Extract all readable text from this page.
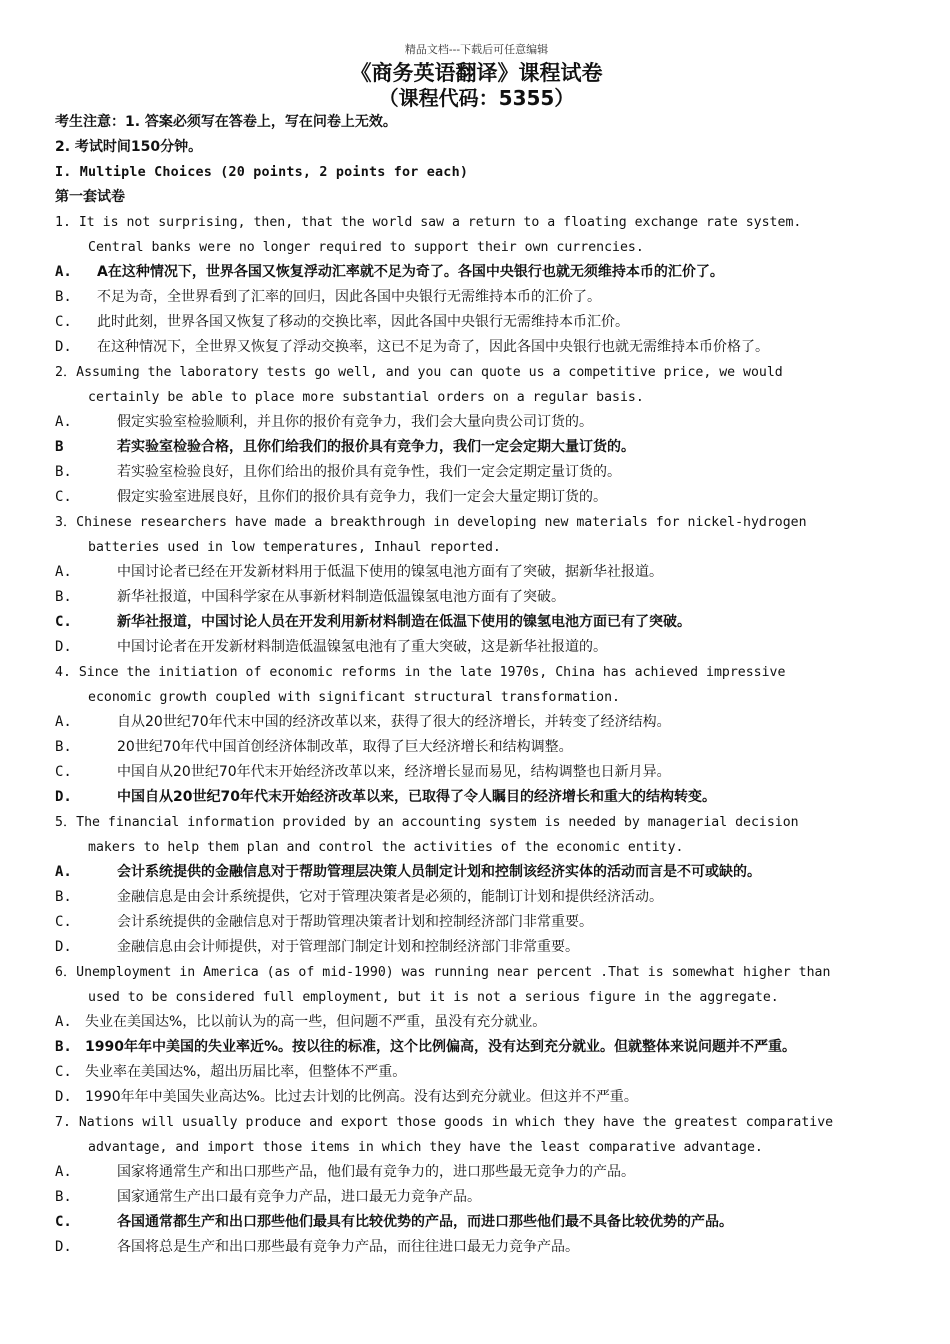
精品文档---下载后可任意编辑
《商务英语翻译》课程试卷
（课程代码：5355）
考生注意：1. 答案必须写在答卷上，写在问卷上无效。
2. 考试时间150分钟。
I. Multiple Choices (20 points, 2 points for each)
第一套试卷
1. It is not surprising, then, that the world saw a return to a floating exchange rate system.
Central banks were no longer required to support their own currencies.
A.	A在这种情况下，世界各国又恢复浮动汇率就不足为奇了。各国中央银行也就无须维持本币的汇价了。
B.	不足为奇，全世界看到了汇率的回归，因此各国中央银行无需维持本币的汇价了。
C.	此时此刻，世界各国又恢复了移动的交换比率，因此各国中央银行无需维持本币汇价。
D.	在这种情况下，全世界又恢复了浮动交换率，这已不足为奇了，因此各国中央银行也就无需维持本币价格了。
2．Assuming the laboratory tests go well, and you can quote us a competitive price, we would
certainly be able to place more substantial orders on a regular basis.
A.	假定实验室检验顺利，并且你的报价有竞争力，我们会大量向贵公司订货的。
B	若实验室检验合格，且你们给我们的报价具有竞争力，我们一定会定期大量订货的。
B.	若实验室检验良好，且你们给出的报价具有竞争性，我们一定会定期定量订货的。
C.	假定实验室进展良好，且你们的报价具有竞争力，我们一定会大量定期订货的。
3．Chinese researchers have made a breakthrough in developing new materials for nickel-hydrogen
batteries used in low temperatures, Inhaul reported.
A.	中国讨论者已经在开发新材料用于低温下使用的镍氢电池方面有了突破，据新华社报道。
B.	新华社报道，中国科学家在从事新材料制造低温镍氢电池方面有了突破。
C.	新华社报道，中国讨论人员在开发利用新材料制造在低温下使用的镍氢电池方面已有了突破。
D.	中国讨论者在开发新材料制造低温镍氢电池有了重大突破，这是新华社报道的。
4. Since the initiation of economic reforms in the late 1970s, China has achieved impressive
economic growth coupled with significant structural transformation.
A.	自从20世纪70年代末中国的经济改革以来，获得了很大的经济增长，并转变了经济结构。
B.	20世纪70年代中国首创经济体制改革，取得了巨大经济增长和结构调整。
C.	中国自从20世纪70年代末开始经济改革以来，经济增长显而易见，结构调整也日新月异。
D.	中国自从20世纪70年代末开始经济改革以来，已取得了令人瞩目的经济增长和重大的结构转变。
5．The financial information provided by an accounting system is needed by managerial decision
makers to help them plan and control the activities of the economic entity.
A.	会计系统提供的金融信息对于帮助管理层决策人员制定计划和控制该经济实体的活动而言是不可或缺的。
B.	金融信息是由会计系统提供，它对于管理决策者是必须的，能制订计划和提供经济活动。
C.	会计系统提供的金融信息对于帮助管理决策者计划和控制经济部门非常重要。
D.	金融信息由会计师提供，对于管理部门制定计划和控制经济部门非常重要。
6．Unemployment in America (as of mid-1990) was running near percent .That is somewhat higher than
used to be considered full employment, but it is not a serious figure in the aggregate.
A. 失业在美国达%，比以前认为的高一些，但问题不严重，虽没有充分就业。
B. 1990年年中美国的失业率近%。按以往的标准，这个比例偏高，没有达到充分就业。但就整体来说问题并不严重。
C. 失业率在美国达%，超出历届比率，但整体不严重。
D. 1990年年中美国失业高达%。比过去计划的比例高。没有达到充分就业。但这并不严重。
7. Nations will usually produce and export those goods in which they have the greatest comparative
advantage, and import those items in which they have the least comparative advantage.
A.	国家将通常生产和出口那些产品，他们最有竞争力的，进口那些最无竞争力的产品。
B.	国家通常生产出口最有竞争力产品，进口最无力竞争产品。
C.	各国通常都生产和出口那些他们最具有比较优势的产品，而进口那些他们最不具备比较优势的产品。
D.	各国将总是生产和出口那些最有竞争力产品，而往往进口最无力竞争产品。
